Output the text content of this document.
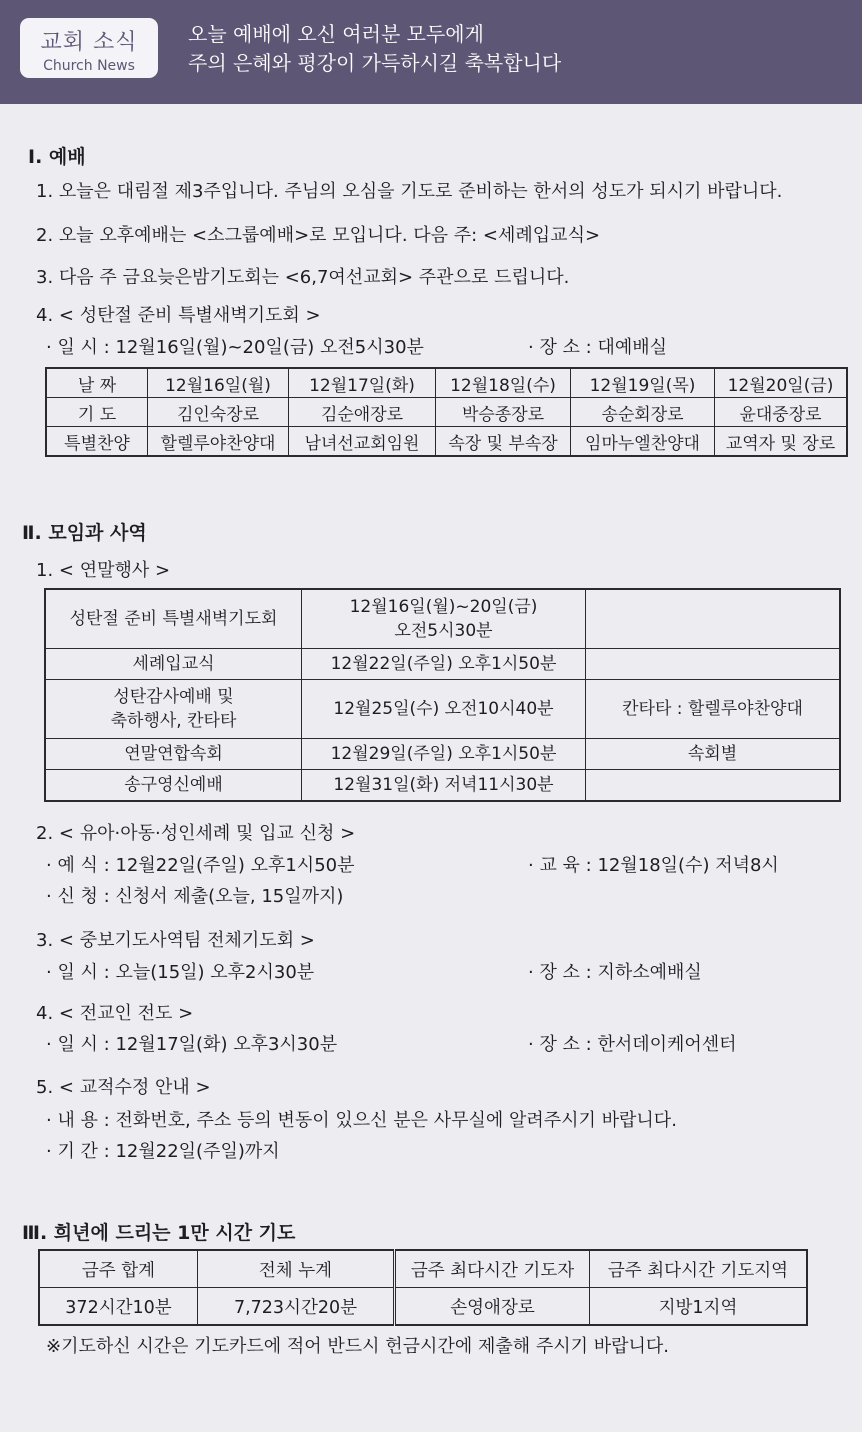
교회 소식
Church News
오늘 예배에 오신 여러분 모두에게
주의 은혜와 평강이 가득하시길 축복합니다
Ⅰ. 예배
1. 오늘은 대림절 제3주입니다. 주님의 오심을 기도로 준비하는 한서의 성도가 되시기 바랍니다.
2. 오늘 오후예배는 <소그룹예배>로 모입니다. 다음 주: <세례입교식>
3. 다음 주 금요늦은밤기도회는 <6,7여선교회> 주관으로 드립니다.
4. < 성탄절 준비 특별새벽기도회 >
· 일 시 : 12월16일(월)~20일(금) 오전5시30분	· 장 소 : 대예배실
날 짜	12월16일(월)	12월17일(화)	12월18일(수)	12월19일(목)	12월20일(금)
기 도	김인숙장로	김순애장로	박승종장로	송순회장로	윤대중장로
특별찬양	할렐루야찬양대	남녀선교회임원	속장 및 부속장	임마누엘찬양대	교역자 및 장로
Ⅱ. 모임과 사역
1. < 연말행사 >
성탄절 준비 특별새벽기도회	12월16일(월)~20일(금)
오전5시30분	

세례입교식	12월22일(주일) 오후1시50분	

성탄감사예배 및
축하행사, 칸타타	12월25일(수) 오전10시40분	칸타타 : 할렐루야찬양대
연말연합속회	12월29일(주일) 오후1시50분	속회별
송구영신예배	12월31일(화) 저녁11시30분	
2. < 유아·아동·성인세례 및 입교 신청 >
· 예 식 : 12월22일(주일) 오후1시50분	· 교 육 : 12월18일(수) 저녁8시
· 신 청 : 신청서 제출(오늘, 15일까지)
3. < 중보기도사역팀 전체기도회 >
· 일 시 : 오늘(15일) 오후2시30분	· 장 소 : 지하소예배실
4. < 전교인 전도 >
· 일 시 : 12월17일(화) 오후3시30분	· 장 소 : 한서데이케어센터
5. < 교적수정 안내 >
· 내 용 : 전화번호, 주소 등의 변동이 있으신 분은 사무실에 알려주시기 바랍니다.
· 기 간 : 12월22일(주일)까지
Ⅲ. 희년에 드리는 1만 시간 기도
금주 합계	전체 누계	금주 최다시간 기도자	금주 최다시간 기도지역
372시간10분	7,723시간20분	손영애장로	지방1지역
※기도하신 시간은 기도카드에 적어 반드시 헌금시간에 제출해 주시기 바랍니다.
